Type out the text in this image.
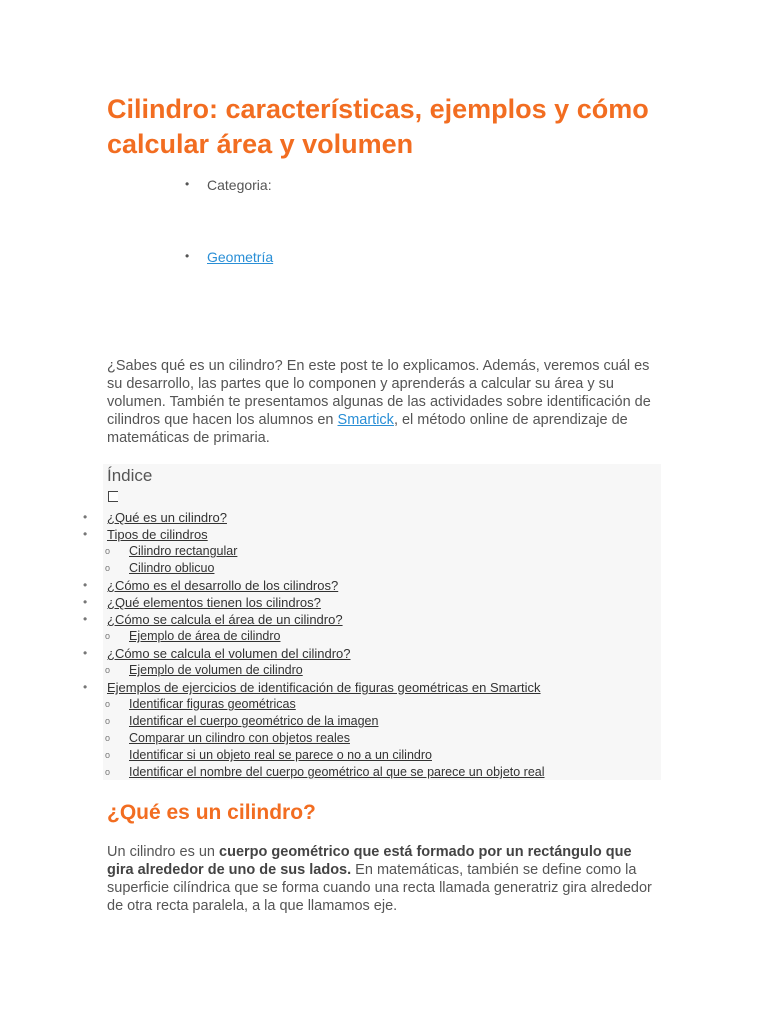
Cilindro: características, ejemplos y cómo calcular área y volumen
• Categoria:
• Geometría

¿Sabes qué es un cilindro? En este post te lo explicamos. Además, veremos cuál es su desarrollo, las partes que lo componen y aprenderás a calcular su área y su volumen. También te presentamos algunas de las actividades sobre identificación de cilindros que hacen los alumnos en Smartick, el método online de aprendizaje de matemáticas de primaria.

Índice
• ¿Qué es un cilindro?
• Tipos de cilindros
o Cilindro rectangular
o Cilindro oblicuo
• ¿Cómo es el desarrollo de los cilindros?
• ¿Qué elementos tienen los cilindros?
• ¿Cómo se calcula el área de un cilindro?
o Ejemplo de área de cilindro
• ¿Cómo se calcula el volumen del cilindro?
o Ejemplo de volumen de cilindro
• Ejemplos de ejercicios de identificación de figuras geométricas en Smartick
o Identificar figuras geométricas
o Identificar el cuerpo geométrico de la imagen
o Comparar un cilindro con objetos reales
o Identificar si un objeto real se parece o no a un cilindro
o Identificar el nombre del cuerpo geométrico al que se parece un objeto real
¿Qué es un cilindro?

Un cilindro es un cuerpo geométrico que está formado por un rectángulo que gira alrededor de uno de sus lados. En matemáticas, también se define como la superficie cilíndrica que se forma cuando una recta llamada generatriz gira alrededor de otra recta paralela, a la que llamamos eje.
